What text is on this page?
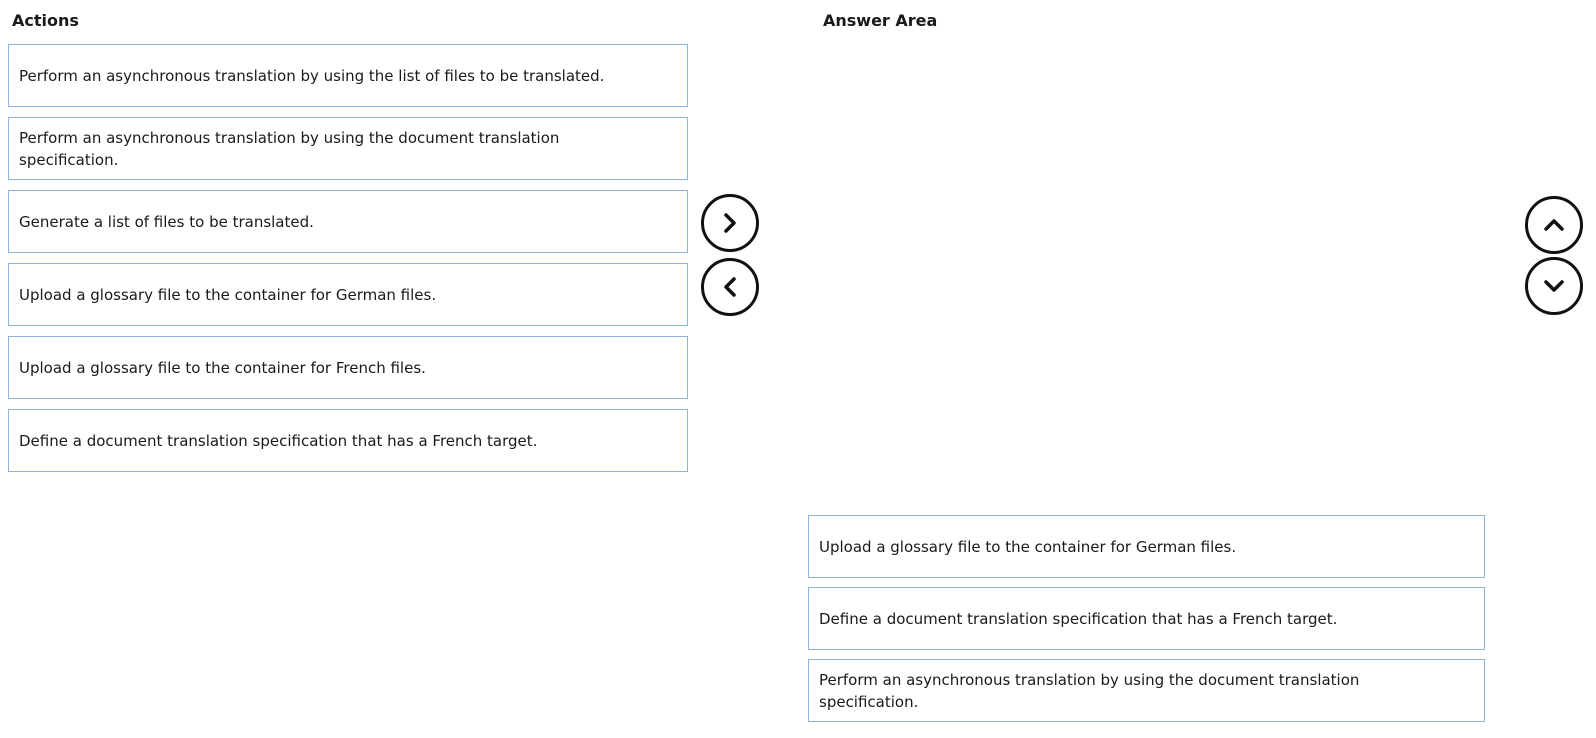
Actions	Answer Area
Perform an asynchronous translation by using the list of files to be translated.
Perform an asynchronous translation by using the document translation specification.
Generate a list of files to be translated.
Upload a glossary file to the container for German files.
Upload a glossary file to the container for French files.
Define a document translation specification that has a French target.
Upload a glossary file to the container for German files.
Define a document translation specification that has a French target.
Perform an asynchronous translation by using the document translation specification.
